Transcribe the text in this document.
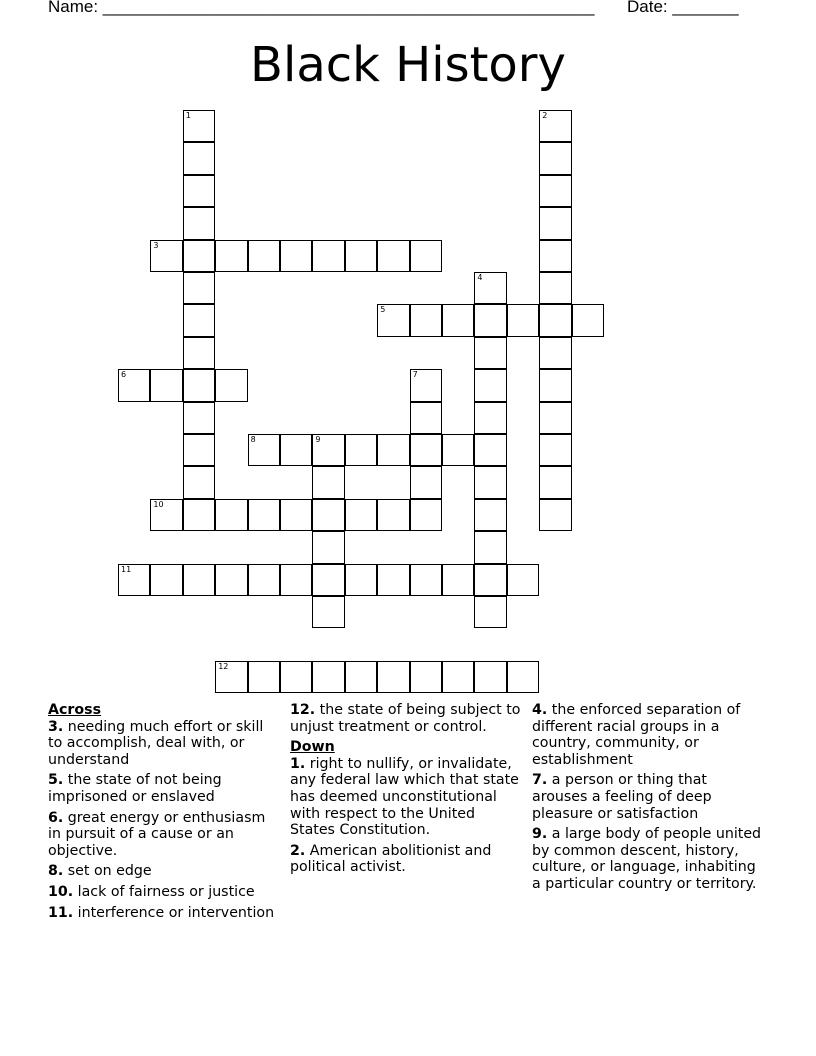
Name: ____________________________________________________ Date: _______
Black History
1	2
3
4
5
6	7
8	9
10
11
12
Across
3. needing much effort or skill to accomplish, deal with, or understand
5. the state of not being imprisoned or enslaved
6. great energy or enthusiasm in pursuit of a cause or an objective.
8. set on edge
10. lack of fairness or justice
11. interference or intervention
12. the state of being subject to unjust treatment or control.
Down
1. right to nullify, or invalidate, any federal law which that state has deemed unconstitutional with respect to the United States Constitution.
2. American abolitionist and political activist.
4. the enforced separation of different racial groups in a country, community, or establishment
7. a person or thing that arouses a feeling of deep pleasure or satisfaction
9. a large body of people united by common descent, history, culture, or language, inhabiting a particular country or territory.
